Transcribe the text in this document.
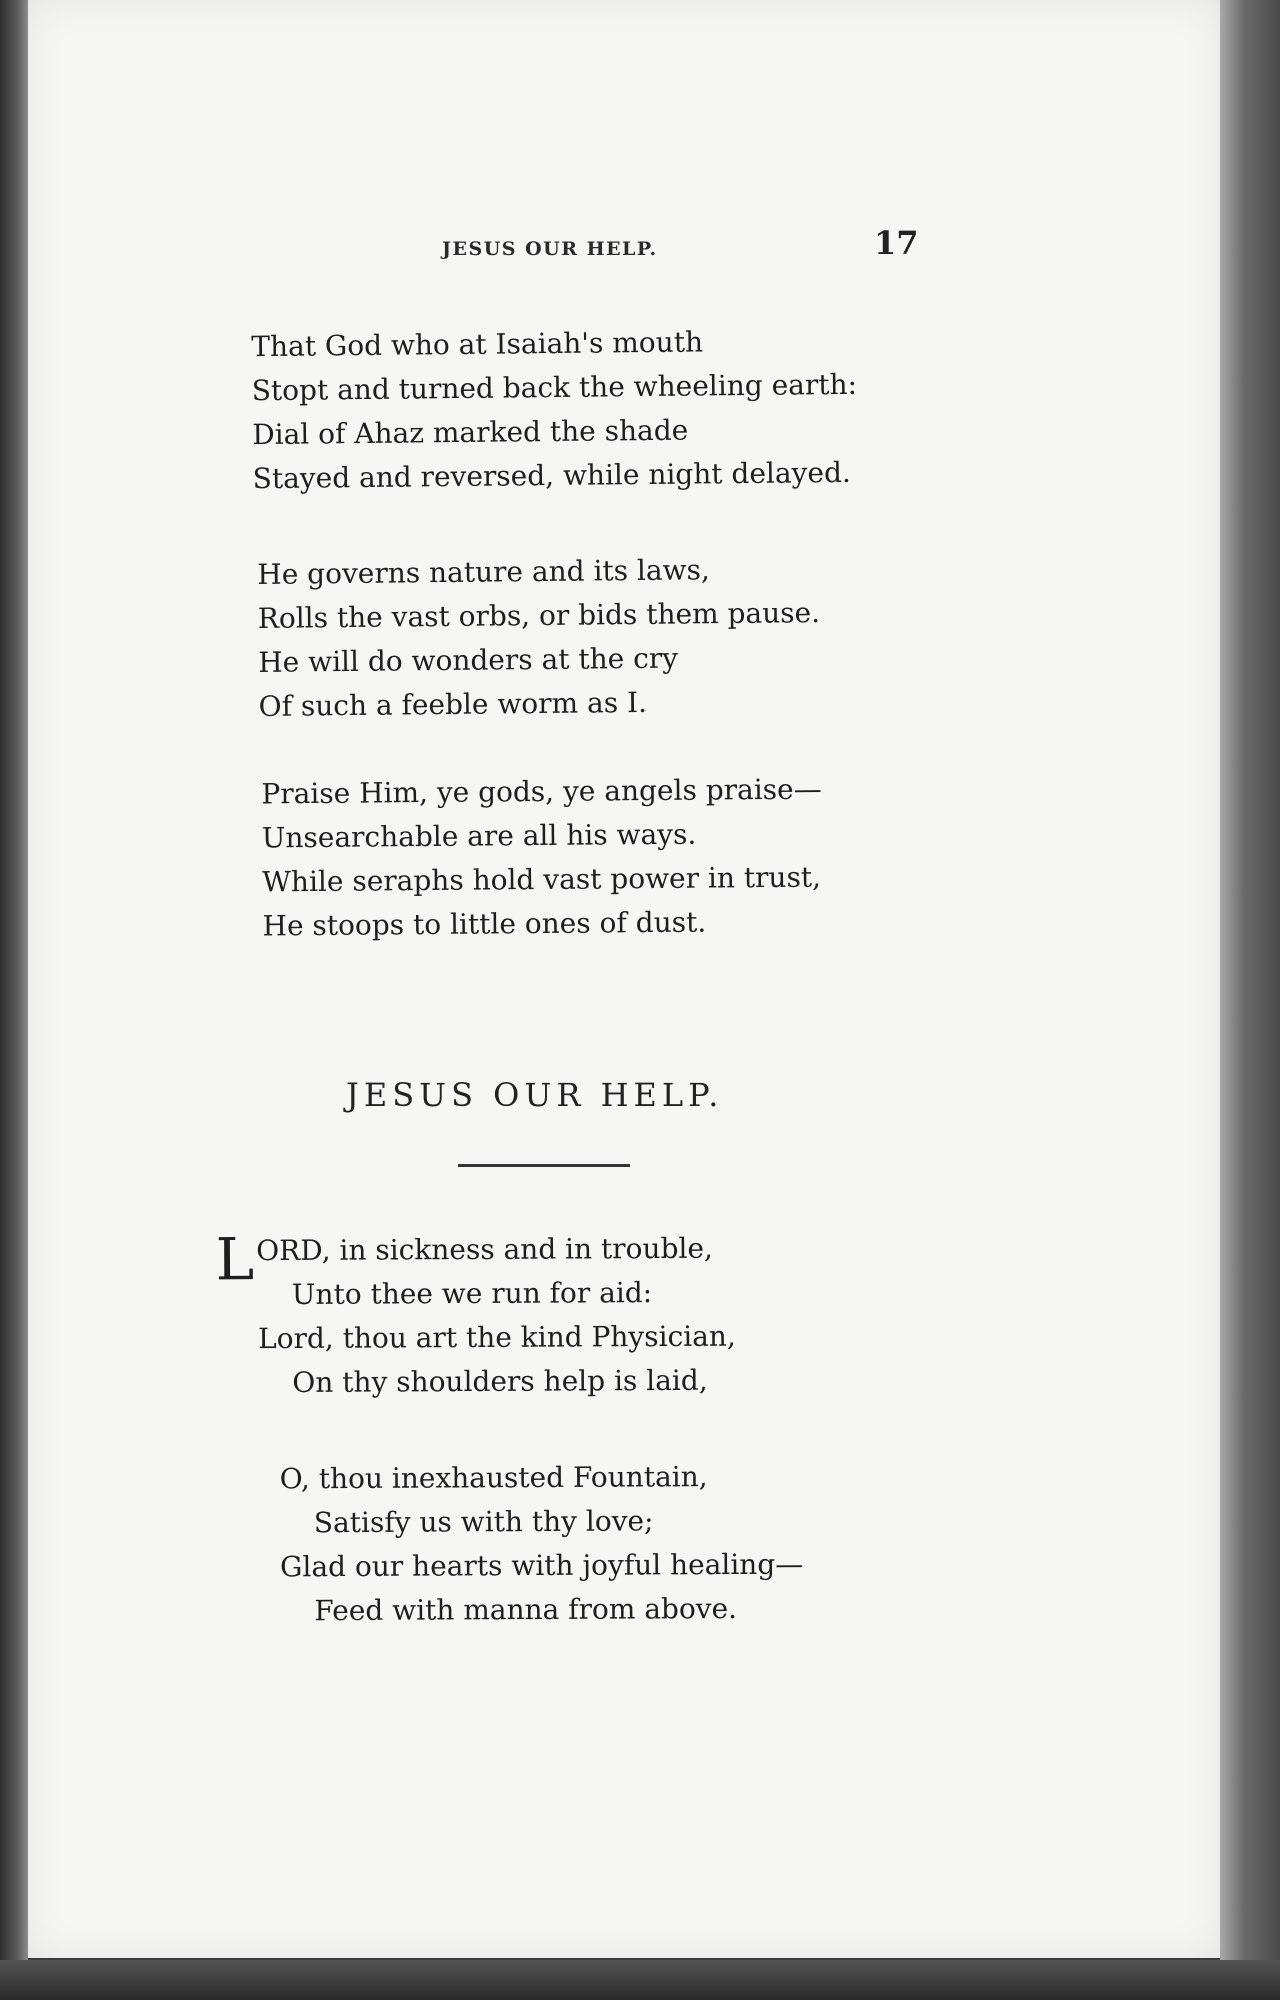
JESUS OUR HELP.	17
That God who at Isaiah's mouth
Stopt and turned back the wheeling earth:
Dial of Ahaz marked the shade
Stayed and reversed, while night delayed.
He governs nature and its laws,
Rolls the vast orbs, or bids them pause.
He will do wonders at the cry
Of such a feeble worm as I.
Praise Him, ye gods, ye angels praise—
Unsearchable are all his ways.
While seraphs hold vast power in trust,
He stoops to little ones of dust.
JESUS OUR HELP.
LORD, in sickness and in trouble,
Unto thee we run for aid:
Lord, thou art the kind Physician,
On thy shoulders help is laid,
O, thou inexhausted Fountain,
Satisfy us with thy love;
Glad our hearts with joyful healing—
Feed with manna from above.
